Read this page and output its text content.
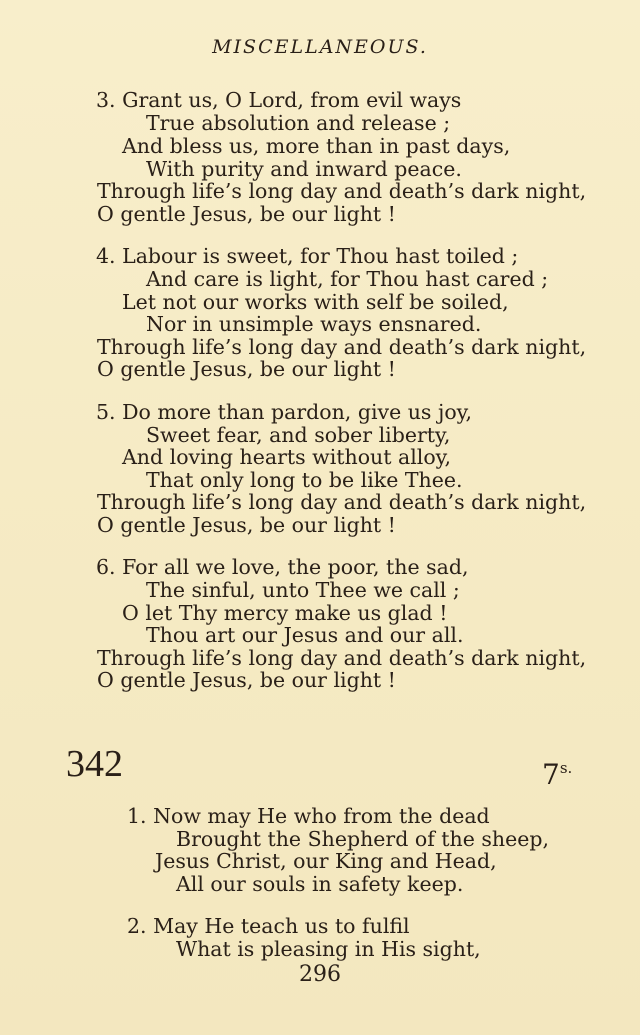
MISCELLANEOUS.
3. Grant us, O Lord, from evil ways
True absolution and release ;
And bless us, more than in past days,
With purity and inward peace.
Through life’s long day and death’s dark night,
O gentle Jesus, be our light !
4. Labour is sweet, for Thou hast toiled ;
And care is light, for Thou hast cared ;
Let not our works with self be soiled,
Nor in unsimple ways ensnared.
Through life’s long day and death’s dark night,
O gentle Jesus, be our light !
5. Do more than pardon, give us joy,
Sweet fear, and sober liberty,
And loving hearts without alloy,
That only long to be like Thee.
Through life’s long day and death’s dark night,
O gentle Jesus, be our light !
6. For all we love, the poor, the sad,
The sinful, unto Thee we call ;
O let Thy mercy make us glad !
Thou art our Jesus and our all.
Through life’s long day and death’s dark night,
O gentle Jesus, be our light !
342	$7^{s.}$
1. Now may He who from the dead
Brought the Shepherd of the sheep,
Jesus Christ, our King and Head,
All our souls in safety keep.
2. May He teach us to fulfil
What is pleasing in His sight,
296
